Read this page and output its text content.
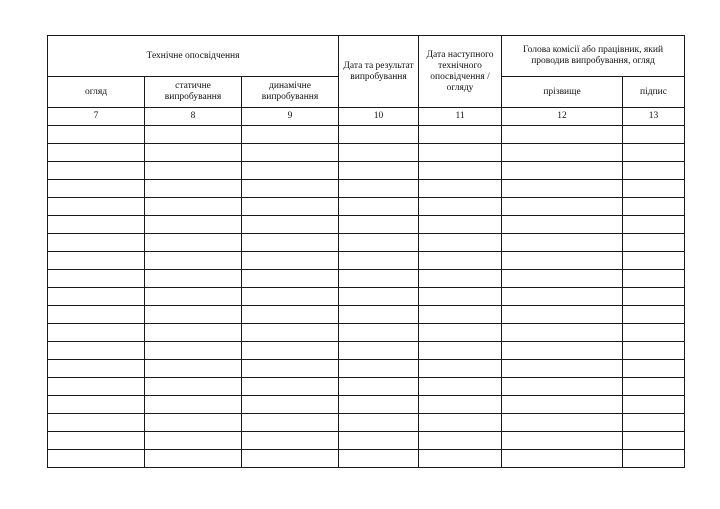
Технічне опосвідчення			Дата та результат випробування	Дата наступного технічного опосвідчення / огляду	Голова комісії або працівник, який проводив випробування, огляд	

огляд	статичне випробування	динамічне випробування			прізвище	підпис

7	8	9	10	11	12	13
